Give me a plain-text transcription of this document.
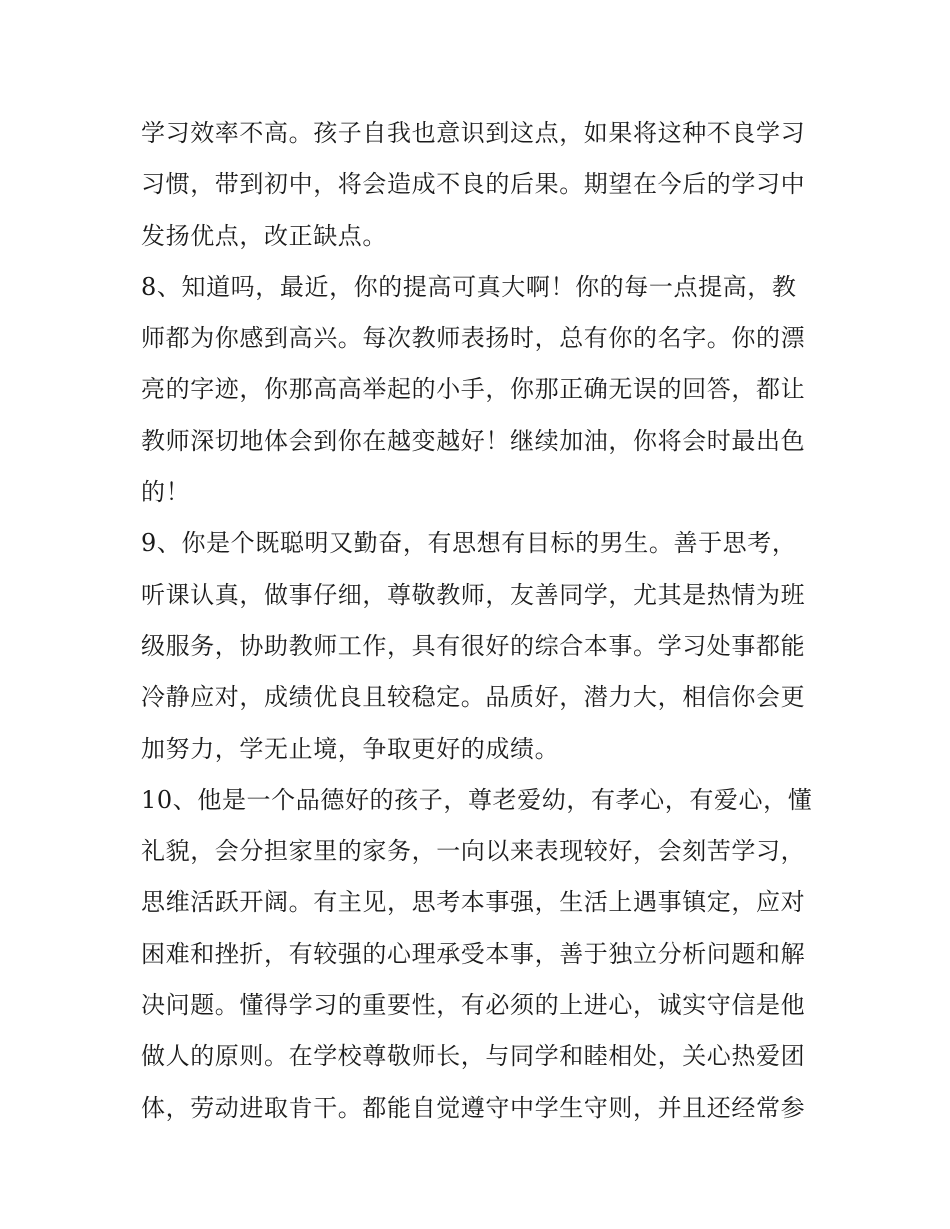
学习效率不高。孩子自我也意识到这点，如果将这种不良学习
习惯，带到初中，将会造成不良的后果。期望在今后的学习中
发扬优点，改正缺点。
8、知道吗，最近，你的提高可真大啊！你的每一点提高，教
师都为你感到高兴。每次教师表扬时，总有你的名字。你的漂
亮的字迹，你那高高举起的小手，你那正确无误的回答，都让
教师深切地体会到你在越变越好！继续加油，你将会时最出色
的！
9、你是个既聪明又勤奋，有思想有目标的男生。善于思考，
听课认真，做事仔细，尊敬教师，友善同学，尤其是热情为班
级服务，协助教师工作，具有很好的综合本事。学习处事都能
冷静应对，成绩优良且较稳定。品质好，潜力大，相信你会更
加努力，学无止境，争取更好的成绩。
10、他是一个品德好的孩子，尊老爱幼，有孝心，有爱心，懂
礼貌，会分担家里的家务，一向以来表现较好，会刻苦学习，
思维活跃开阔。有主见，思考本事强，生活上遇事镇定，应对
困难和挫折，有较强的心理承受本事，善于独立分析问题和解
决问题。懂得学习的重要性，有必须的上进心，诚实守信是他
做人的原则。在学校尊敬师长，与同学和睦相处，关心热爱团
体，劳动进取肯干。都能自觉遵守中学生守则，并且还经常参
